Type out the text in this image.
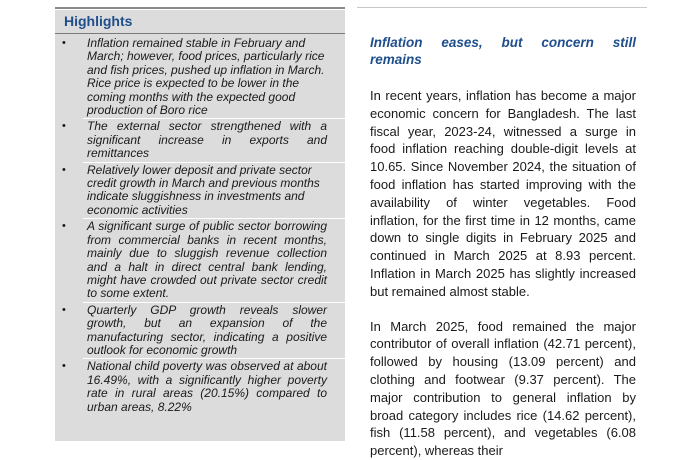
Highlights
• Inflation remained stable in February and March; however, food prices, particularly rice and fish prices, pushed up inflation in March. Rice price is expected to be lower in the coming months with the expected good production of Boro rice
• The external sector strengthened with a significant increase in exports and remittances
• Relatively lower deposit and private sector credit growth in March and previous months indicate sluggishness in investments and economic activities
• A significant surge of public sector borrowing from commercial banks in recent months, mainly due to sluggish revenue collection and a halt in direct central bank lending, might have crowded out private sector credit to some extent.
• Quarterly GDP growth reveals slower growth, but an expansion of the manufacturing sector, indicating a positive outlook for economic growth
• National child poverty was observed at about 16.49%, with a significantly higher poverty rate in rural areas (20.15%) compared to urban areas, 8.22%
Inflation eases, but concern still
remains

In recent years, inflation has become a major economic concern for Bangladesh. The last fiscal year, 2023-24, witnessed a surge in food inflation reaching double-digit levels at 10.65. Since November 2024, the situation of food inflation has started improving with the availability of winter vegetables. Food inflation, for the first time in 12 months, came down to single digits in February 2025 and continued in March 2025 at 8.93 percent. Inflation in March 2025 has slightly increased but remained almost stable.

In March 2025, food remained the major contributor of overall inflation (42.71 percent), followed by housing (13.09 percent) and clothing and footwear (9.37 percent). The major contribution to general inflation by broad category includes rice (14.62 percent), fish (11.58 percent), and vegetables (6.08 percent), whereas their
